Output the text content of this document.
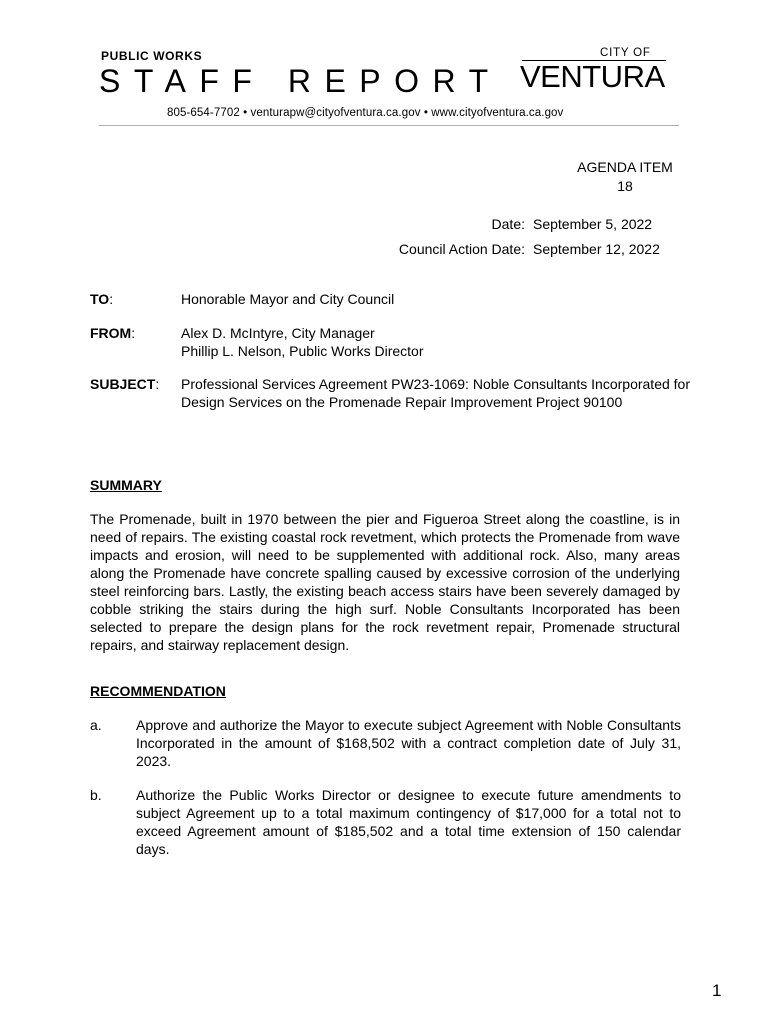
PUBLIC WORKS
STAFF REPORT
CITY OF
VENTURA
805-654-7702 • venturapw@cityofventura.ca.gov • www.cityofventura.ca.gov
AGENDA ITEM
18
Date: September 5, 2022
Council Action Date: September 12, 2022
TO:	Honorable Mayor and City Council
FROM:	Alex D. McIntyre, City Manager
Phillip L. Nelson, Public Works Director
SUBJECT:	Professional Services Agreement PW23-1069: Noble Consultants Incorporated for Design Services on the Promenade Repair Improvement Project 90100
SUMMARY
The Promenade, built in 1970 between the pier and Figueroa Street along the coastline, is in need of repairs. The existing coastal rock revetment, which protects the Promenade from wave impacts and erosion, will need to be supplemented with additional rock. Also, many areas along the Promenade have concrete spalling caused by excessive corrosion of the underlying steel reinforcing bars. Lastly, the existing beach access stairs have been severely damaged by cobble striking the stairs during the high surf. Noble Consultants Incorporated has been selected to prepare the design plans for the rock revetment repair, Promenade structural repairs, and stairway replacement design.
RECOMMENDATION
a.	Approve and authorize the Mayor to execute subject Agreement with Noble Consultants Incorporated in the amount of $168,502 with a contract completion date of July 31, 2023.
b.	Authorize the Public Works Director or designee to execute future amendments to subject Agreement up to a total maximum contingency of $17,000 for a total not to exceed Agreement amount of $185,502 and a total time extension of 150 calendar days.
1
